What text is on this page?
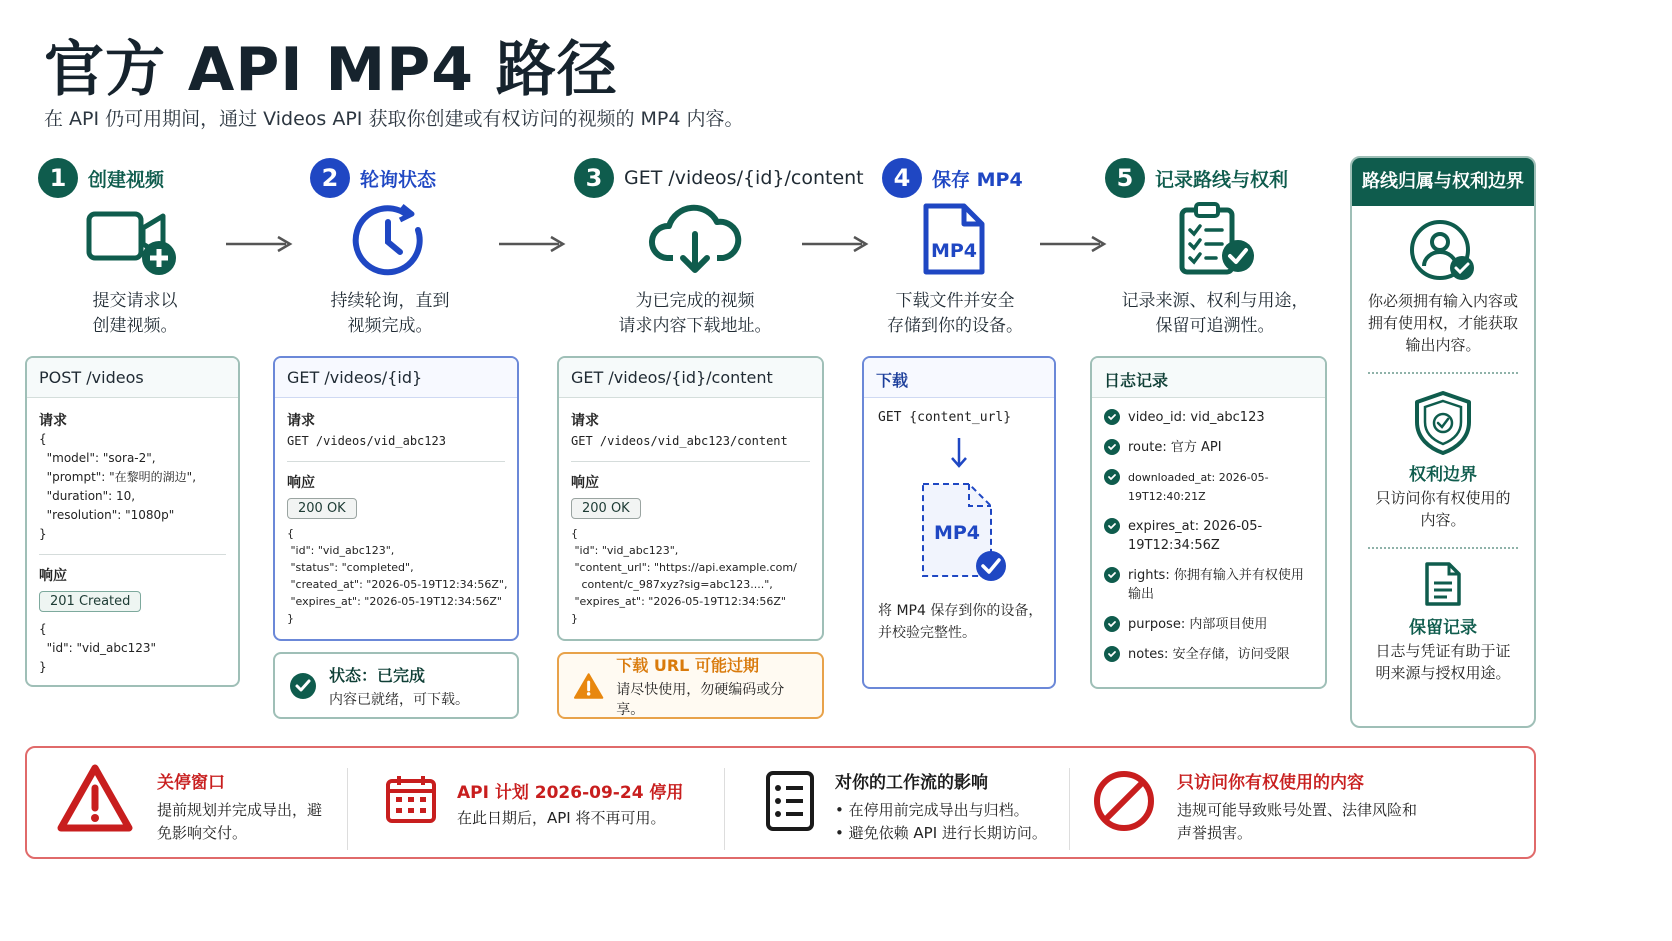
官方 API MP4 路径
在 API 仍可用期间，通过 Videos API 获取你创建或有权访问的视频的 MP4 内容。
1	创建视频
提交请求以
创建视频。
2	轮询状态
持续轮询，直到
视频完成。
3	GET /videos/{id}/content
为已完成的视频
请求内容下载地址。
4	保存 MP4
MP4
下载文件并安全
存储到你的设备。
5	记录路线与权利
记录来源、权利与用途，
保留可追溯性。
POST /videos
请求
{
"model": "sora-2",
"prompt": "在黎明的湖边",
"duration": 10,
"resolution": "1080p"
}
响应
201 Created
{
"id": "vid_abc123"
}
GET /videos/{id}
请求
GET /videos/vid_abc123
响应
200 OK
{
"id": "vid_abc123",
"status": "completed",
"created_at": "2026-05-19T12:34:56Z",
"expires_at": "2026-05-19T12:34:56Z"
}
状态：已完成
内容已就绪，可下载。
GET /videos/{id}/content
请求
GET /videos/vid_abc123/content
响应
200 OK
{
"id": "vid_abc123",
"content_url": "https://api.example.com/
content/c_987xyz?sig=abc123....",
"expires_at": "2026-05-19T12:34:56Z"
}
下载 URL 可能过期
请尽快使用，勿硬编码或分享。
下载
GET {content_url}
MP4
将 MP4 保存到你的设备，
并校验完整性。
日志记录
video_id: vid_abc123
route: 官方 API
downloaded_at: 2026-05-19T12:40:21Z
expires_at: 2026-05-19T12:34:56Z
rights: 你拥有输入并有权使用输出
purpose: 内部项目使用
notes: 安全存储，访问受限
路线归属与权利边界
你必须拥有输入内容或拥有使用权，才能获取输出内容。
权利边界
只访问你有权使用的内容。
保留记录
日志与凭证有助于证明来源与授权用途。
关停窗口
提前规划并完成导出，避免影响交付。
API 计划 2026-09-24 停用
在此日期后，API 将不再可用。
对你的工作流的影响
• 在停用前完成导出与归档。
• 避免依赖 API 进行长期访问。
只访问你有权使用的内容
违规可能导致账号处置、法律风险和声誉损害。
